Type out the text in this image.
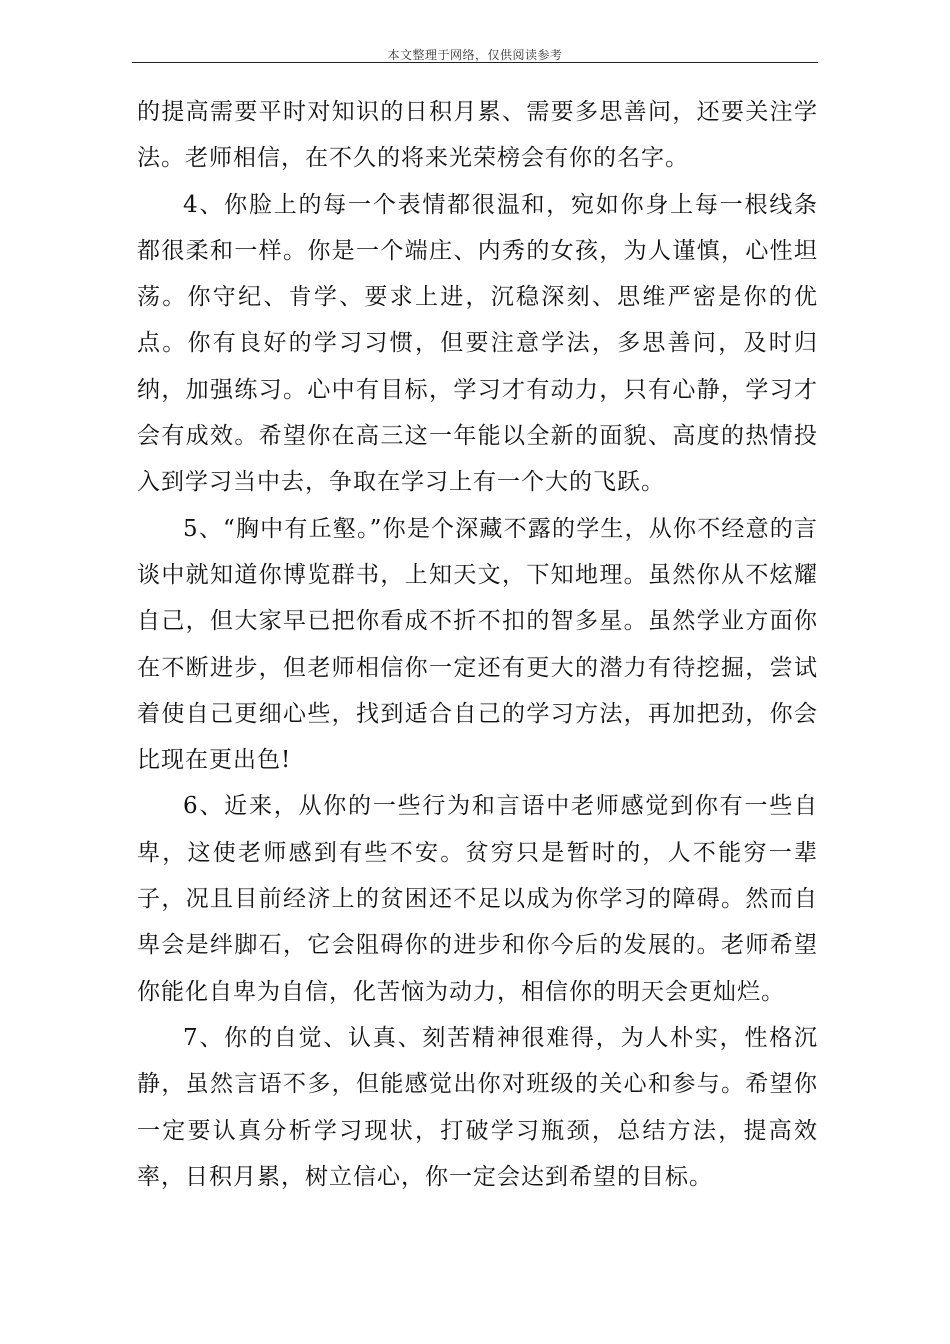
本文整理于网络，仅供阅读参考

的提高需要平时对知识的日积月累、需要多思善问，还要关注学法。老师相信，在不久的将来光荣榜会有你的名字。

4、你脸上的每一个表情都很温和，宛如你身上每一根线条都很柔和一样。你是一个端庄、内秀的女孩，为人谨慎，心性坦荡。你守纪、肯学、要求上进，沉稳深刻、思维严密是你的优点。你有良好的学习习惯，但要注意学法，多思善问，及时归纳，加强练习。心中有目标，学习才有动力，只有心静，学习才会有成效。希望你在高三这一年能以全新的面貌、高度的热情投入到学习当中去，争取在学习上有一个大的飞跃。

5、“胸中有丘壑。”你是个深藏不露的学生，从你不经意的言谈中就知道你博览群书，上知天文，下知地理。虽然你从不炫耀自己，但大家早已把你看成不折不扣的智多星。虽然学业方面你在不断进步，但老师相信你一定还有更大的潜力有待挖掘，尝试着使自己更细心些，找到适合自己的学习方法，再加把劲，你会比现在更出色!

6、近来，从你的一些行为和言语中老师感觉到你有一些自卑，这使老师感到有些不安。贫穷只是暂时的，人不能穷一辈子，况且目前经济上的贫困还不足以成为你学习的障碍。然而自卑会是绊脚石，它会阻碍你的进步和你今后的发展的。老师希望你能化自卑为自信，化苦恼为动力，相信你的明天会更灿烂。

7、你的自觉、认真、刻苦精神很难得，为人朴实，性格沉静，虽然言语不多，但能感觉出你对班级的关心和参与。希望你一定要认真分析学习现状，打破学习瓶颈，总结方法，提高效率，日积月累，树立信心，你一定会达到希望的目标。
